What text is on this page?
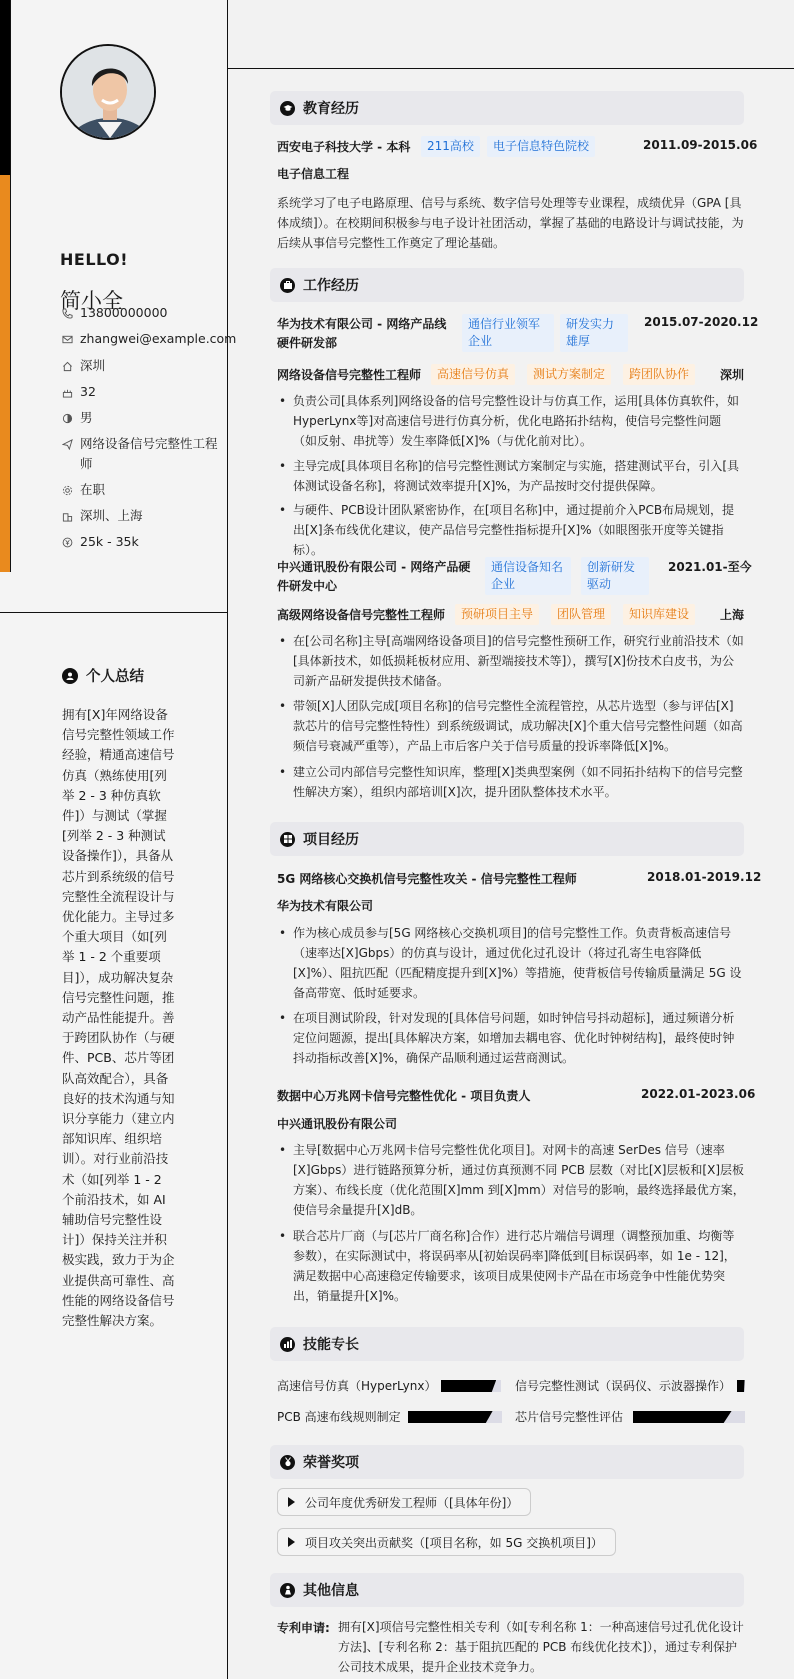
HELLO!
简小全
13800000000
zhangwei@example.com
深圳
32
男
网络设备信号完整性工程师
在职
深圳、上海
25k - 35k
个人总结
拥有[X]年网络设备信号完整性领域工作经验，精通高速信号仿真（熟练使用[列举 2 - 3 种仿真软件]）与测试（掌握[列举 2 - 3 种测试设备操作]），具备从芯片到系统级的信号完整性全流程设计与优化能力。主导过多个重大项目（如[列举 1 - 2 个重要项目]），成功解决复杂信号完整性问题，推动产品性能提升。善于跨团队协作（与硬件、PCB、芯片等团队高效配合），具备良好的技术沟通与知识分享能力（建立内部知识库、组织培训）。对行业前沿技术（如[列举 1 - 2 个前沿技术，如 AI 辅助信号完整性设计]）保持关注并积极实践，致力于为企业提供高可靠性、高性能的网络设备信号完整性解决方案。
教育经历
西安电子科技大学 - 本科	211高校	电子信息特色院校	2011.09-2015.06
电子信息工程
系统学习了电子电路原理、信号与系统、数字信号处理等专业课程，成绩优异（GPA [具体成绩]）。在校期间积极参与电子设计社团活动，掌握了基础的电路设计与调试技能，为后续从事信号完整性工作奠定了理论基础。
工作经历
华为技术有限公司 - 网络产品线硬件研发部
通信行业领军企业
研发实力雄厚
2015.07-2020.12
网络设备信号完整性工程师	高速信号仿真	测试方案制定	跨团队协作	深圳
• 负责公司[具体系列]网络设备的信号完整性设计与仿真工作，运用[具体仿真软件，如 HyperLynx等]对高速信号进行仿真分析，优化电路拓扑结构，使信号完整性问题（如反射、串扰等）发生率降低[X]%（与优化前对比）。
• 主导完成[具体项目名称]的信号完整性测试方案制定与实施，搭建测试平台，引入[具体测试设备名称]，将测试效率提升[X]%，为产品按时交付提供保障。
• 与硬件、PCB设计团队紧密协作，在[项目名称]中，通过提前介入PCB布局规划，提出[X]条布线优化建议，使产品信号完整性指标提升[X]%（如眼图张开度等关键指标）。
中兴通讯股份有限公司 - 网络产品硬件研发中心
通信设备知名企业
创新研发驱动
2021.01-至今
高级网络设备信号完整性工程师	预研项目主导	团队管理	知识库建设	上海
• 在[公司名称]主导[高端网络设备项目]的信号完整性预研工作，研究行业前沿技术（如[具体新技术，如低损耗板材应用、新型端接技术等]），撰写[X]份技术白皮书，为公司新产品研发提供技术储备。
• 带领[X]人团队完成[项目名称]的信号完整性全流程管控，从芯片选型（参与评估[X]款芯片的信号完整性特性）到系统级调试，成功解决[X]个重大信号完整性问题（如高频信号衰减严重等），产品上市后客户关于信号质量的投诉率降低[X]%。
• 建立公司内部信号完整性知识库，整理[X]类典型案例（如不同拓扑结构下的信号完整性解决方案），组织内部培训[X]次，提升团队整体技术水平。
项目经历
5G 网络核心交换机信号完整性攻关 - 信号完整性工程师	2018.01-2019.12
华为技术有限公司
• 作为核心成员参与[5G 网络核心交换机项目]的信号完整性工作。负责背板高速信号（速率达[X]Gbps）的仿真与设计，通过优化过孔设计（将过孔寄生电容降低[X]%）、阻抗匹配（匹配精度提升到[X]%）等措施，使背板信号传输质量满足 5G 设备高带宽、低时延要求。
• 在项目测试阶段，针对发现的[具体信号问题，如时钟信号抖动超标]，通过频谱分析定位问题源，提出[具体解决方案，如增加去耦电容、优化时钟树结构]，最终使时钟抖动指标改善[X]%，确保产品顺利通过运营商测试。
数据中心万兆网卡信号完整性优化 - 项目负责人	2022.01-2023.06
中兴通讯股份有限公司
• 主导[数据中心万兆网卡信号完整性优化项目]。对网卡的高速 SerDes 信号（速率[X]Gbps）进行链路预算分析，通过仿真预测不同 PCB 层数（对比[X]层板和[X]层板方案）、布线长度（优化范围[X]mm 到[X]mm）对信号的影响，最终选择最优方案，使信号余量提升[X]dB。
• 联合芯片厂商（与[芯片厂商名称]合作）进行芯片端信号调理（调整预加重、均衡等参数），在实际测试中，将误码率从[初始误码率]降低到[目标误码率，如 1e - 12]，满足数据中心高速稳定传输要求，该项目成果使网卡产品在市场竞争中性能优势突出，销量提升[X]%。
技能专长
高速信号仿真（HyperLynx）	信号完整性测试（误码仪、示波器操作）
PCB 高速布线规则制定	芯片信号完整性评估
荣誉奖项
公司年度优秀研发工程师（[具体年份]）
项目攻关突出贡献奖（[项目名称，如 5G 交换机项目]）
其他信息
专利申请: 拥有[X]项信号完整性相关专利（如[专利名称 1：一种高速信号过孔优化设计方法]、[专利名称 2：基于阻抗匹配的 PCB 布线优化技术]），通过专利保护公司技术成果，提升企业技术竞争力。
